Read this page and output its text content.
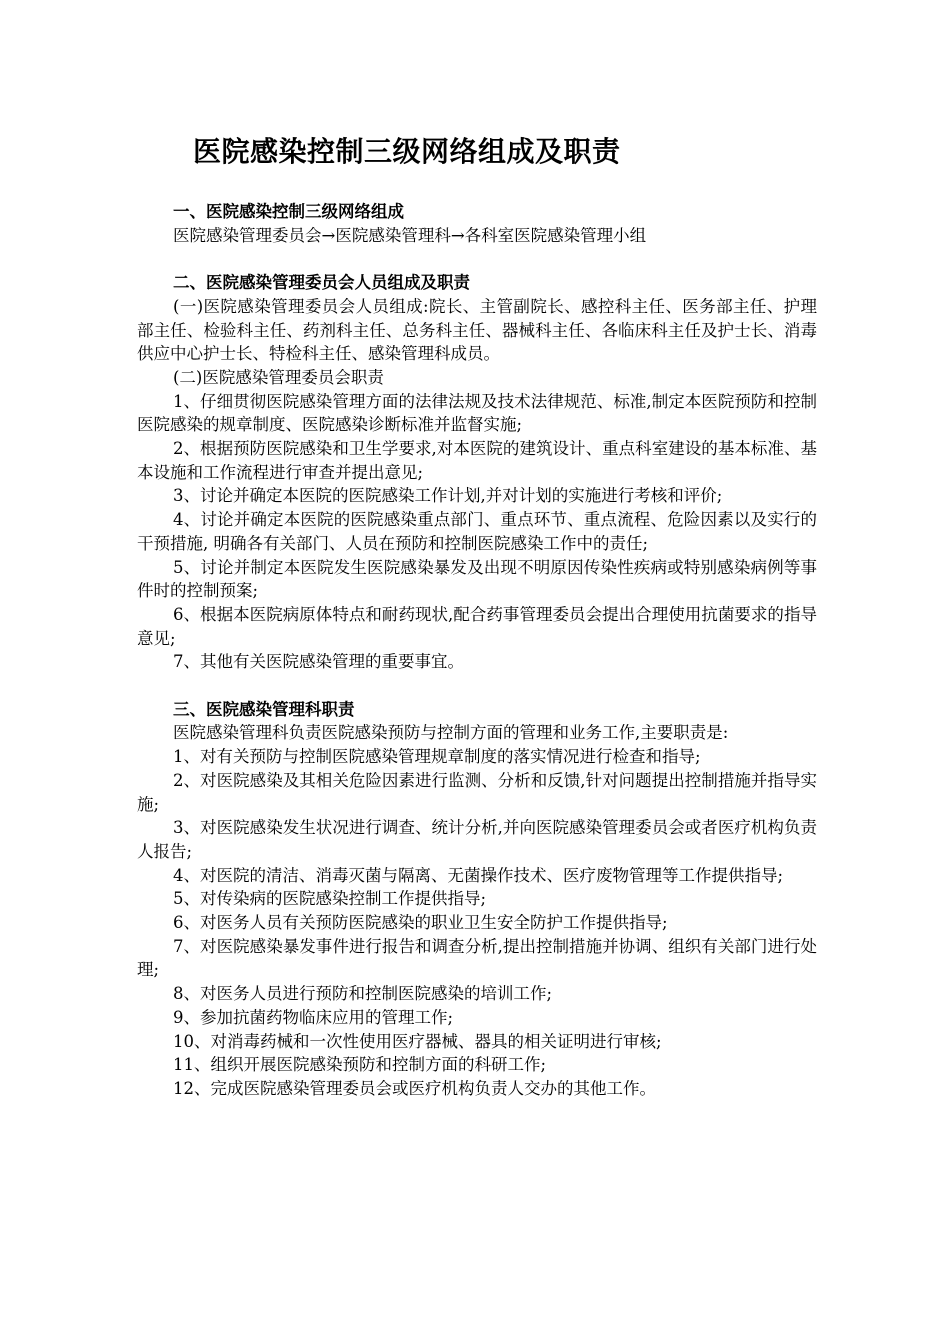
医院感染控制三级网络组成及职责
一、医院感染控制三级网络组成
医院感染管理委员会→医院感染管理科→各科室医院感染管理小组
二、医院感染管理委员会人员组成及职责
(一)医院感染管理委员会人员组成:院长、主管副院长、感控科主任、医务部主任、护理部主任、检验科主任、药剂科主任、总务科主任、器械科主任、各临床科主任及护士长、消毒供应中心护士长、特检科主任、感染管理科成员。
(二)医院感染管理委员会职责
1、仔细贯彻医院感染管理方面的法律法规及技术法律规范、标准,制定本医院预防和控制医院感染的规章制度、医院感染诊断标准并监督实施;
2、根据预防医院感染和卫生学要求,对本医院的建筑设计、重点科室建设的基本标准、基本设施和工作流程进行审查并提出意见;
3、讨论并确定本医院的医院感染工作计划,并对计划的实施进行考核和评价;
4、讨论并确定本医院的医院感染重点部门、重点环节、重点流程、危险因素以及实行的干预措施, 明确各有关部门、人员在预防和控制医院感染工作中的责任;
5、讨论并制定本医院发生医院感染暴发及出现不明原因传染性疾病或特别感染病例等事件时的控制预案;
6、根据本医院病原体特点和耐药现状,配合药事管理委员会提出合理使用抗菌要求的指导意见;
7、其他有关医院感染管理的重要事宜。
三、医院感染管理科职责
医院感染管理科负责医院感染预防与控制方面的管理和业务工作,主要职责是:
1、对有关预防与控制医院感染管理规章制度的落实情况进行检查和指导;
2、对医院感染及其相关危险因素进行监测、分析和反馈,针对问题提出控制措施并指导实施;
3、对医院感染发生状况进行调查、统计分析,并向医院感染管理委员会或者医疗机构负责人报告;
4、对医院的清洁、消毒灭菌与隔离、无菌操作技术、医疗废物管理等工作提供指导;
5、对传染病的医院感染控制工作提供指导;
6、对医务人员有关预防医院感染的职业卫生安全防护工作提供指导;
7、对医院感染暴发事件进行报告和调查分析,提出控制措施并协调、组织有关部门进行处理;
8、对医务人员进行预防和控制医院感染的培训工作;
9、参加抗菌药物临床应用的管理工作;
10、对消毒药械和一次性使用医疗器械、器具的相关证明进行审核;
11、组织开展医院感染预防和控制方面的科研工作;
12、完成医院感染管理委员会或医疗机构负责人交办的其他工作。
